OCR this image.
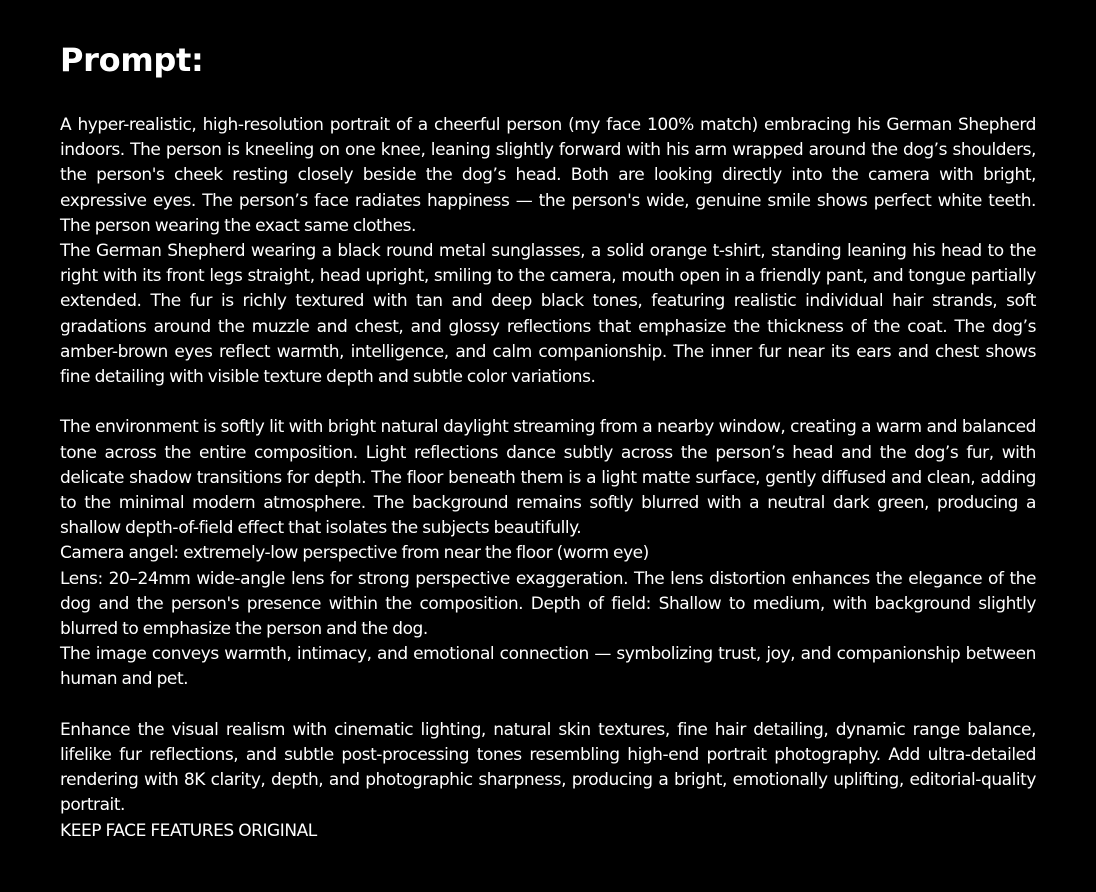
Prompt:

A hyper-realistic, high-resolution portrait of a cheerful person (my face 100% match) embracing his German Shepherd indoors. The person is kneeling on one knee, leaning slightly forward with his arm wrapped around the dog’s shoulders, the person's cheek resting closely beside the dog’s head. Both are looking directly into the camera with bright, expressive eyes. The person’s face radiates happiness — the person's wide, genuine smile shows perfect white teeth. The person wearing the exact same clothes.

The German Shepherd wearing a black round metal sunglasses, a solid orange t-shirt, standing leaning his head to the right with its front legs straight, head upright, smiling to the camera, mouth open in a friendly pant, and tongue partially extended. The fur is richly textured with tan and deep black tones, featuring realistic individual hair strands, soft gradations around the muzzle and chest, and glossy reflections that emphasize the thickness of the coat. The dog’s amber-brown eyes reflect warmth, intelligence, and calm companionship. The inner fur near its ears and chest shows fine detailing with visible texture depth and subtle color variations.

The environment is softly lit with bright natural daylight streaming from a nearby window, creating a warm and balanced tone across the entire composition. Light reflections dance subtly across the person’s head and the dog’s fur, with delicate shadow transitions for depth. The floor beneath them is a light matte surface, gently diffused and clean, adding to the minimal modern atmosphere. The background remains softly blurred with a neutral dark green, producing a shallow depth-of-field effect that isolates the subjects beautifully.

Camera angel: extremely-low perspective from near the floor (worm eye)

Lens: 20–24mm wide-angle lens for strong perspective exaggeration. The lens distortion enhances the elegance of the dog and the person's presence within the composition. Depth of field: Shallow to medium, with background slightly blurred to emphasize the person and the dog.

The image conveys warmth, intimacy, and emotional connection — symbolizing trust, joy, and companionship between human and pet.

Enhance the visual realism with cinematic lighting, natural skin textures, fine hair detailing, dynamic range balance, lifelike fur reflections, and subtle post-processing tones resembling high-end portrait photography. Add ultra-detailed rendering with 8K clarity, depth, and photographic sharpness, producing a bright, emotionally uplifting, editorial-quality portrait.

KEEP FACE FEATURES ORIGINAL
